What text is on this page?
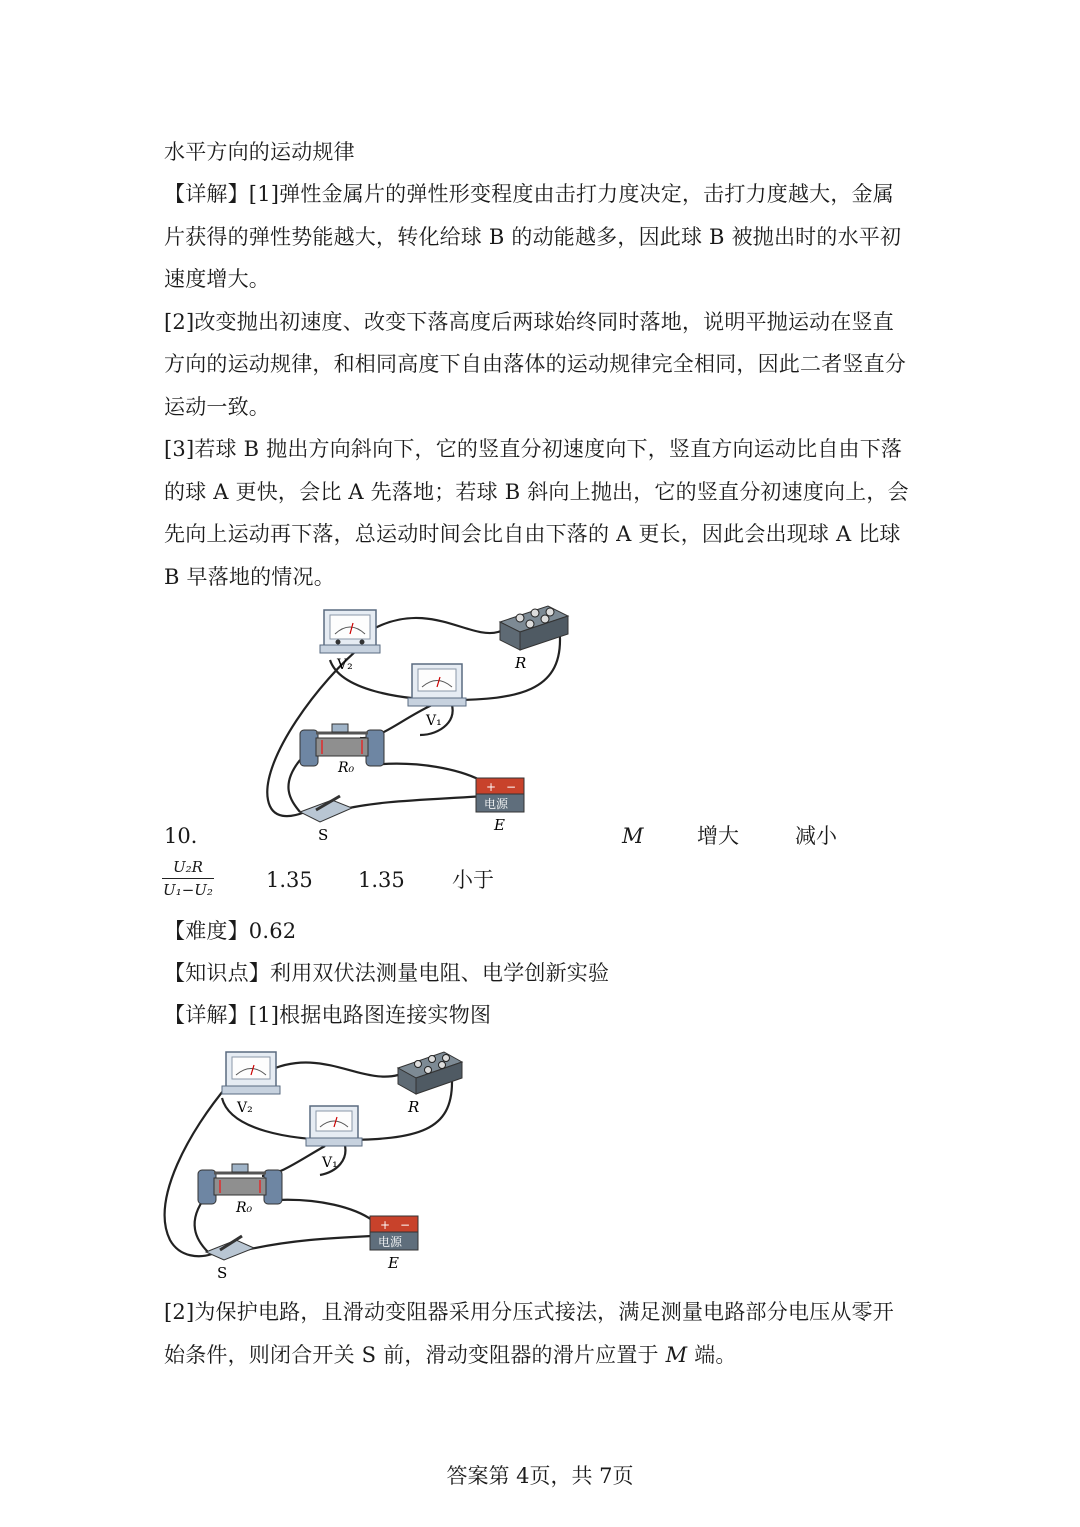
水平方向的运动规律
【详解】[1]弹性金属片的弹性形变程度由击打力度决定，击打力度越大，金属
片获得的弹性势能越大，转化给球 B 的动能越多，因此球 B 被抛出时的水平初
速度增大。
[2]改变抛出初速度、改变下落高度后两球始终同时落地，说明平抛运动在竖直
方向的运动规律，和相同高度下自由落体的运动规律完全相同，因此二者竖直分
运动一致。
[3]若球 B 抛出方向斜向下，它的竖直分初速度向下，竖直方向运动比自由下落
的球 A 更快，会比 A 先落地；若球 B 斜向上抛出，它的竖直分初速度向上，会
先向上运动再下落，总运动时间会比自由下落的 A 更长，因此会出现球 A 比球
B 早落地的情况。
V₂	R
V₁
R₀
+ −
电源
E
S
10．	M	增大	减小
$\frac{\text{U₂R}}{\text{U₁−U₂}} 1.35$ 1.35 小于
【难度】0.62
【知识点】利用双伏法测量电阻、电学创新实验
【详解】[1]根据电路图连接实物图
V₂	R
V₁
R₀
+ −
电源
E
S
[2]为保护电路，且滑动变阻器采用分压式接法，满足测量电路部分电压从零开
始条件，则闭合开关 S 前，滑动变阻器的滑片应置于 M 端。
答案第 4页，共 7页
